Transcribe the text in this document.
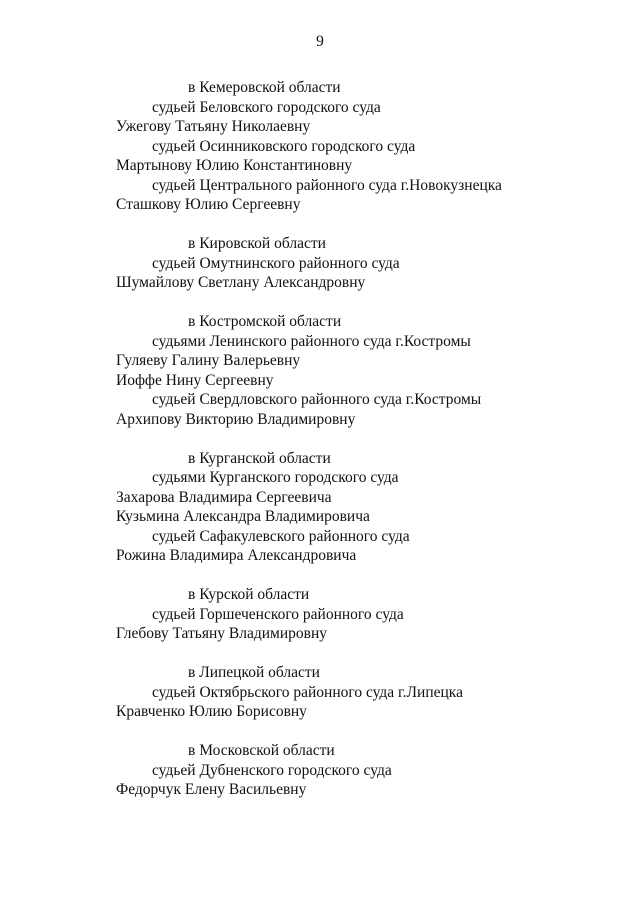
9
в Кемеровской области
судьей Беловского городского суда
Ужегову Татьяну Николаевну
судьей Осинниковского городского суда
Мартынову Юлию Константиновну
судьей Центрального районного суда г.Новокузнецка
Сташкову Юлию Сергеевну
в Кировской области
судьей Омутнинского районного суда
Шумайлову Светлану Александровну
в Костромской области
судьями Ленинского районного суда г.Костромы
Гуляеву Галину Валерьевну
Иоффе Нину Сергеевну
судьей Свердловского районного суда г.Костромы
Архипову Викторию Владимировну
в Курганской области
судьями Курганского городского суда
Захарова Владимира Сергеевича
Кузьмина Александра Владимировича
судьей Сафакулевского районного суда
Рожина Владимира Александровича
в Курской области
судьей Горшеченского районного суда
Глебову Татьяну Владимировну
в Липецкой области
судьей Октябрьского районного суда г.Липецка
Кравченко Юлию Борисовну
в Московской области
судьей Дубненского городского суда
Федорчук Елену Васильевну
